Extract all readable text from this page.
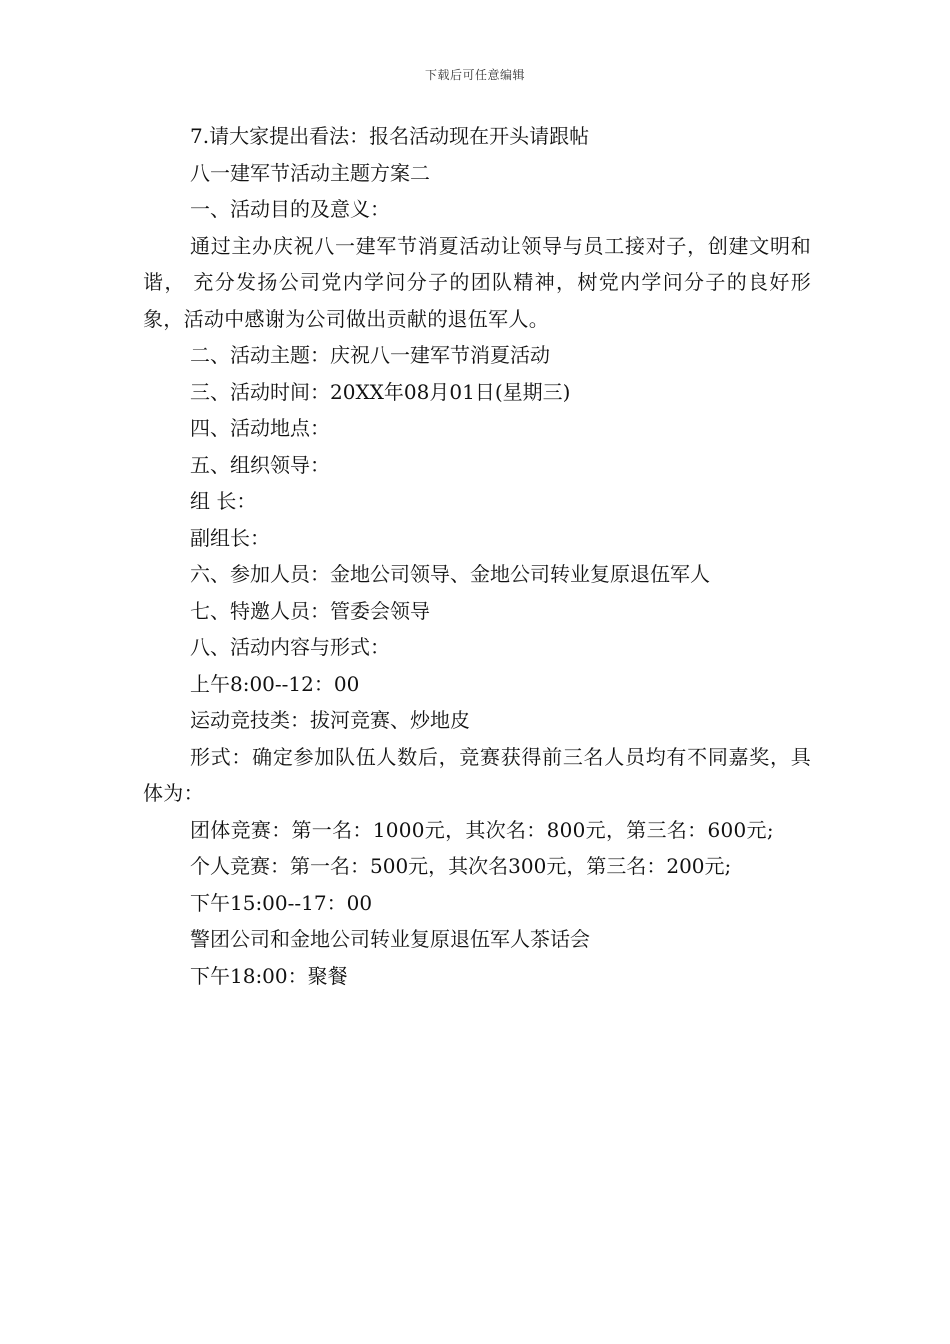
下载后可任意编辑

7.请大家提出看法：报名活动现在开头请跟帖

八一建军节活动主题方案二

一、活动目的及意义：

通过主办庆祝八一建军节消夏活动让领导与员工接对子，创建文明和谐， 充分发扬公司党内学问分子的团队精神，树党内学问分子的良好形象，活动中感谢为公司做出贡献的退伍军人。

二、活动主题：庆祝八一建军节消夏活动

三、活动时间：20XX年08月01日(星期三)

四、活动地点：

五、组织领导：

组 长：

副组长：

六、参加人员：金地公司领导、金地公司转业复原退伍军人

七、特邀人员：管委会领导

八、活动内容与形式：

上午8:00--12：00

运动竞技类：拔河竞赛、炒地皮

形式：确定参加队伍人数后，竞赛获得前三名人员均有不同嘉奖，具体为：

团体竞赛：第一名：1000元，其次名：800元，第三名：600元;

个人竞赛：第一名：500元，其次名300元，第三名：200元;

下午15:00--17：00

警团公司和金地公司转业复原退伍军人茶话会

下午18:00：聚餐
